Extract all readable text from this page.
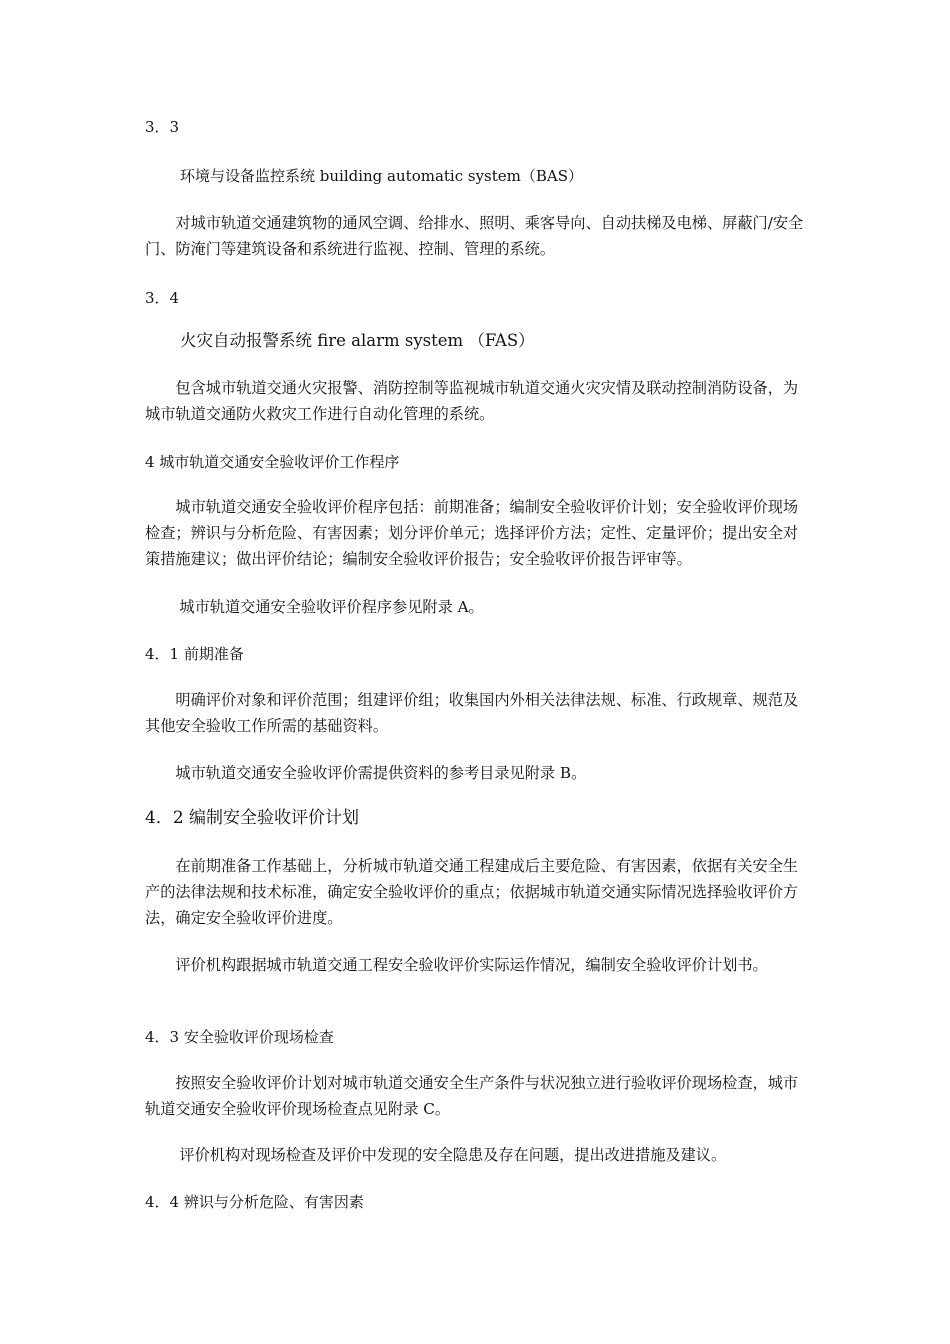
3．3

环境与设备监控系统 building automatic system（BAS）

对城市轨道交通建筑物的通风空调、给排水、照明、乘客导向、自动扶梯及电梯、屏蔽门/安全门、防淹门等建筑设备和系统进行监视、控制、管理的系统。

3．4

火灾自动报警系统 fire alarm system （FAS）

包含城市轨道交通火灾报警、消防控制等监视城市轨道交通火灾灾情及联动控制消防设备，为城市轨道交通防火救灾工作进行自动化管理的系统。

4 城市轨道交通安全验收评价工作程序

城市轨道交通安全验收评价程序包括：前期准备；编制安全验收评价计划；安全验收评价现场检查；辨识与分析危险、有害因素；划分评价单元；选择评价方法；定性、定量评价；提出安全对策措施建议；做出评价结论；编制安全验收评价报告；安全验收评价报告评审等。

城市轨道交通安全验收评价程序参见附录 A。

4．1 前期准备

明确评价对象和评价范围；组建评价组；收集国内外相关法律法规、标准、行政规章、规范及其他安全验收工作所需的基础资料。

城市轨道交通安全验收评价需提供资料的参考目录见附录 B。

4．2 编制安全验收评价计划

在前期准备工作基础上，分析城市轨道交通工程建成后主要危险、有害因素，依据有关安全生产的法律法规和技术标准，确定安全验收评价的重点；依据城市轨道交通实际情况选择验收评价方法，确定安全验收评价进度。

评价机构跟据城市轨道交通工程安全验收评价实际运作情况，编制安全验收评价计划书。

4．3 安全验收评价现场检查

按照安全验收评价计划对城市轨道交通安全生产条件与状况独立进行验收评价现场检查，城市轨道交通安全验收评价现场检查点见附录 C。

评价机构对现场检查及评价中发现的安全隐患及存在问题，提出改进措施及建议。

4．4 辨识与分析危险、有害因素
